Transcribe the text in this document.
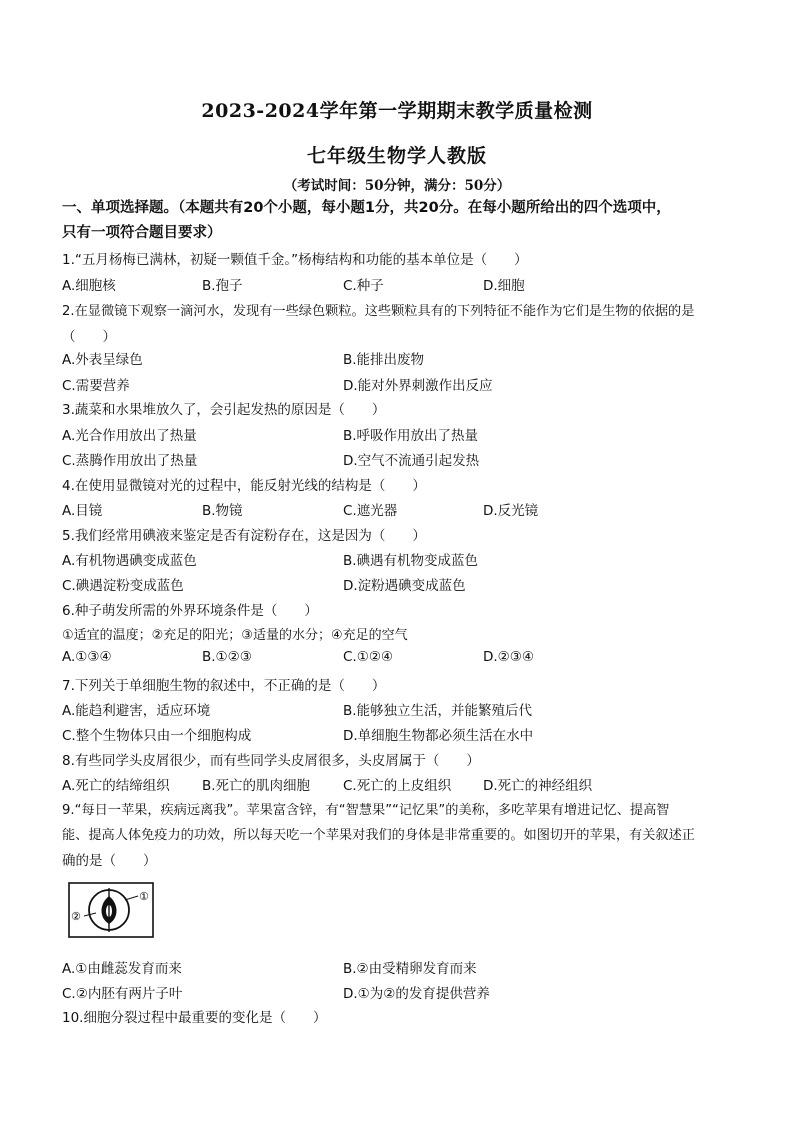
2023-2024学年第一学期期末教学质量检测
七年级生物学人教版
（考试时间：50分钟，满分：50分）
一、单项选择题。（本题共有20个小题，每小题1分，共20分。在每小题所给出的四个选项中，
只有一项符合题目要求）
1.“五月杨梅已满林，初疑一颗值千金。”杨梅结构和功能的基本单位是（　　）
A.细胞核	B.孢子	C.种子	D.细胞
2.在显微镜下观察一滴河水，发现有一些绿色颗粒。这些颗粒具有的下列特征不能作为它们是生物的依据的是
（　　）
A.外表呈绿色	B.能排出废物
C.需要营养	D.能对外界刺激作出反应
3.蔬菜和水果堆放久了，会引起发热的原因是（　　）
A.光合作用放出了热量	B.呼吸作用放出了热量
C.蒸腾作用放出了热量	D.空气不流通引起发热
4.在使用显微镜对光的过程中，能反射光线的结构是（　　）
A.目镜	B.物镜	C.遮光器	D.反光镜
5.我们经常用碘液来鉴定是否有淀粉存在，这是因为（　　）
A.有机物遇碘变成蓝色	B.碘遇有机物变成蓝色
C.碘遇淀粉变成蓝色	D.淀粉遇碘变成蓝色
6.种子萌发所需的外界环境条件是（　　）
①适宜的温度；②充足的阳光；③适量的水分；④充足的空气
A.①③④	B.①②③	C.①②④	D.②③④
7.下列关于单细胞生物的叙述中，不正确的是（　　）
A.能趋利避害，适应环境	B.能够独立生活，并能繁殖后代
C.整个生物体只由一个细胞构成	D.单细胞生物都必须生活在水中
8.有些同学头皮屑很少，而有些同学头皮屑很多，头皮屑属于（　　）
A.死亡的结缔组织 B.死亡的肌肉细胞 C.死亡的上皮组织 D.死亡的神经组织
9.“每日一苹果，疾病远离我”。苹果富含锌，有“智慧果”“记忆果”的美称，多吃苹果有增进记忆、提高智
能、提高人体免疫力的功效，所以每天吃一个苹果对我们的身体是非常重要的。如图切开的苹果，有关叙述正
确的是（　　）
①
②
A.①由雌蕊发育而来	B.②由受精卵发育而来
C.②内胚有两片子叶	D.①为②的发育提供营养
10.细胞分裂过程中最重要的变化是（　　）
